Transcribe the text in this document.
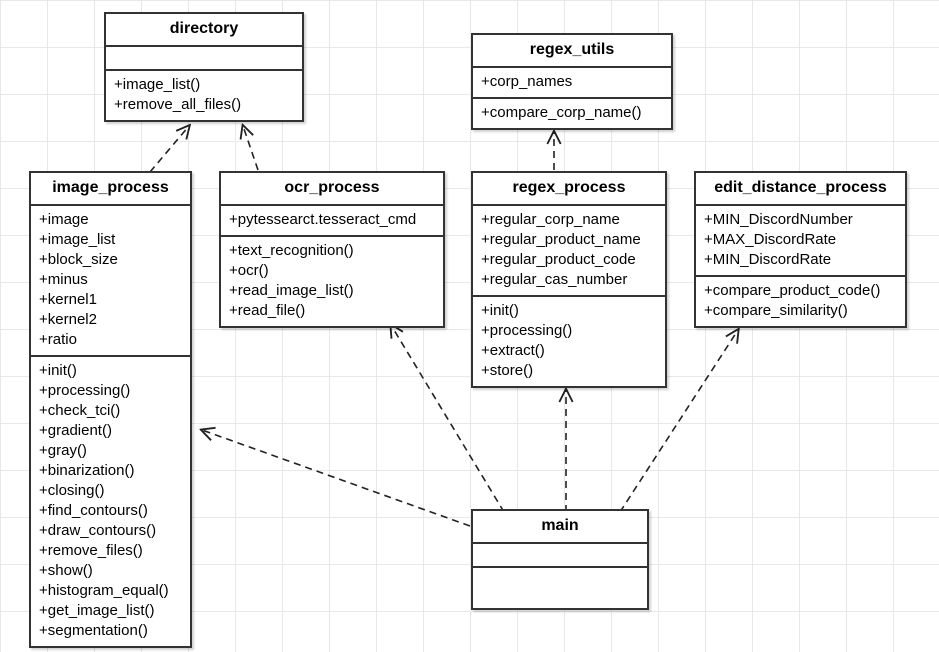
directory
+image_list()
+remove_all_files()
regex_utils
+corp_names
+compare_corp_name()
image_process
+image
+image_list
+block_size
+minus
+kernel1
+kernel2
+ratio
+init()
+processing()
+check_tci()
+gradient()
+gray()
+binarization()
+closing()
+find_contours()
+draw_contours()
+remove_files()
+show()
+histogram_equal()
+get_image_list()
+segmentation()
ocr_process
+pytessearct.tesseract_cmd
+text_recognition()
+ocr()
+read_image_list()
+read_file()
regex_process
+regular_corp_name
+regular_product_name
+regular_product_code
+regular_cas_number
+init()
+processing()
+extract()
+store()
edit_distance_process
+MIN_DiscordNumber
+MAX_DiscordRate
+MIN_DiscordRate
+compare_product_code()
+compare_similarity()
main
